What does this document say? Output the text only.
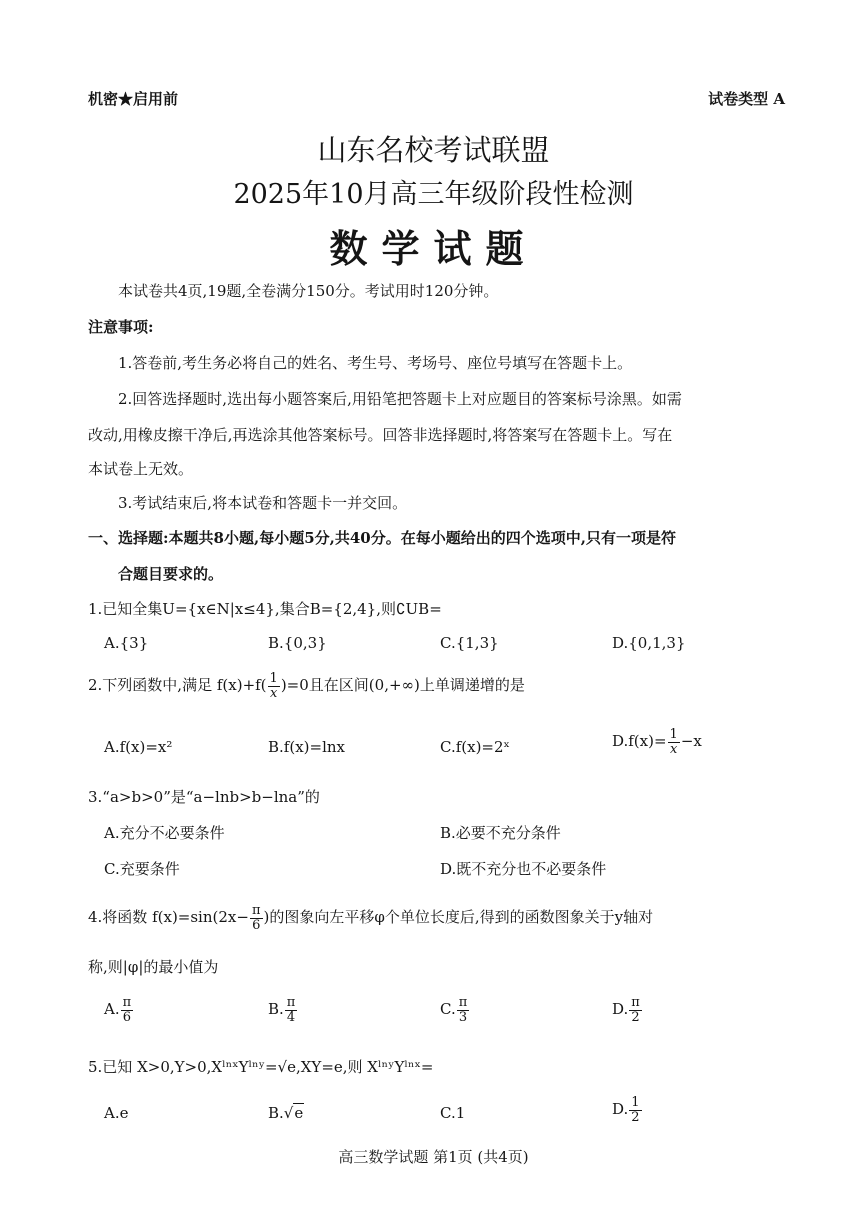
机密★启用前	试卷类型 A
山东名校考试联盟
2025年10月高三年级阶段性检测
数学试题
本试卷共4页,19题,全卷满分150分。考试用时120分钟。
注意事项:
1.答卷前,考生务必将自己的姓名、考生号、考场号、座位号填写在答题卡上。
2.回答选择题时,选出每小题答案后,用铅笔把答题卡上对应题目的答案标号涂黑。如需
改动,用橡皮擦干净后,再选涂其他答案标号。回答非选择题时,将答案写在答题卡上。写在
本试卷上无效。
3.考试结束后,将本试卷和答题卡一并交回。
一、选择题:本题共8小题,每小题5分,共40分。在每小题给出的四个选项中,只有一项是符
合题目要求的。
1.已知全集U={x∈N|x≤4},集合B={2,4},则∁UB=
A.{3}	B.{0,3}	C.{1,3}	D.{0,1,3}
2.下列函数中,满足 $f(x)+f( \frac{1}{x} )=0$且在区间(0,+∞)上单调递增的是
A.f(x)=x²	B.f(x)=lnx	C.f(x)=2ˣ	$D.f(x)= \frac{1}{x} -x$
3.“a>b>0”是“a−lnb>b−lna”的
A.充分不必要条件	B.必要不充分条件
C.充要条件	D.既不充分也不必要条件
4.将函数 $f(x)=\sin(2x- \frac{\pi}{6}$ )的图象向左平移φ个单位长度后,得到的函数图象关于y轴对
称,则|φ|的最小值为
A. $\frac{\pi}{6}$	B. $\frac{\pi}{4}$	C. $\frac{\pi}{3}$	D. $\frac{\pi}{2}$
5.已知 X>0,Y>0,XˡⁿˣYˡⁿʸ=√e,XY=e,则 XˡⁿʸYˡⁿˣ=
A.e	B.√e	C.1	D. $\frac{1}{2}$
高三数学试题 第1页 (共4页)
